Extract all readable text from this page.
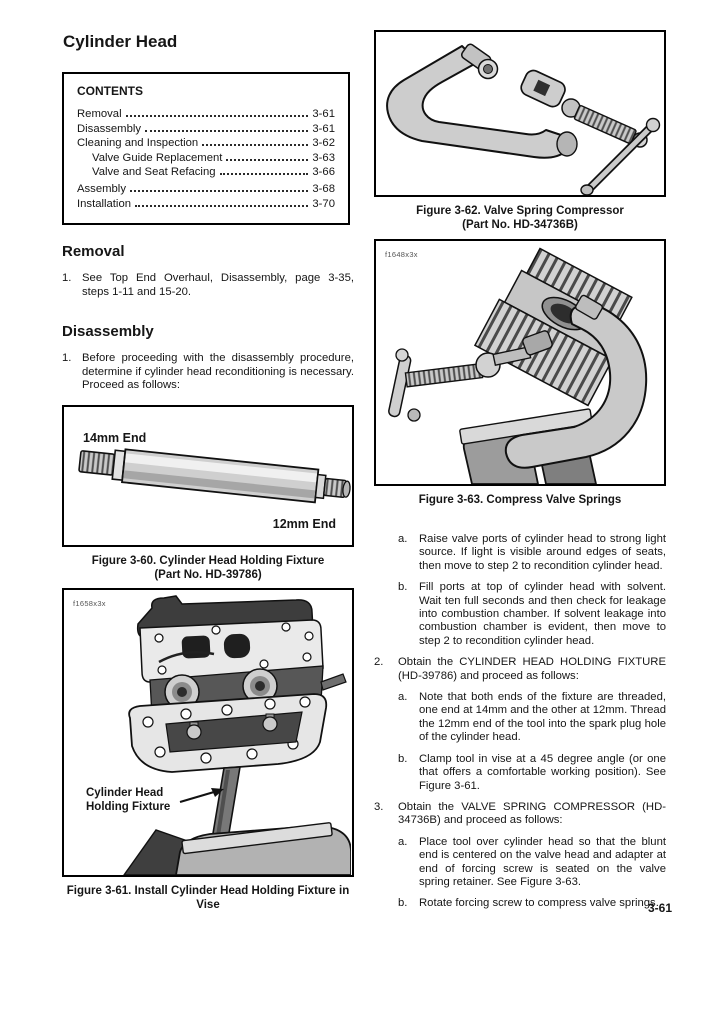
Cylinder Head
CONTENTS
Removal	3-61
Disassembly	3-61
Cleaning and Inspection	3-62
Valve Guide Replacement	3-63
Valve and Seat Refacing	3-66
Assembly	3-68
Installation	3-70
Removal
1. See Top End Overhaul, Disassembly, page 3-35, steps 1-11 and 15-20.
Disassembly
1. Before proceeding with the disassembly procedure, determine if cylinder head reconditioning is necessary. Proceed as follows:
14mm End
12mm End
Figure 3-60. Cylinder Head Holding Fixture
(Part No. HD-39786)
f1658x3x
Cylinder Head
Holding Fixture
Figure 3-61. Install Cylinder Head Holding Fixture in Vise
Figure 3-62. Valve Spring Compressor
(Part No. HD-34736B)
f1648x3x
Figure 3-63. Compress Valve Springs
a.	Raise valve ports of cylinder head to strong light source. If light is visible around edges of seats, then move to step 2 to recondition cylinder head.
b.	Fill ports at top of cylinder head with solvent. Wait ten full seconds and then check for leakage into combustion chamber. If solvent leakage into combustion chamber is evident, then move to step 2 to recondition cylinder head.
2.	Obtain the CYLINDER HEAD HOLDING FIXTURE (HD-39786) and proceed as follows:
a.	Note that both ends of the fixture are threaded, one end at 14mm and the other at 12mm. Thread the 12mm end of the tool into the spark plug hole of the cylinder head.
b.	Clamp tool in vise at a 45 degree angle (or one that offers a comfortable working position). See Figure 3-61.
3.	Obtain the VALVE SPRING COMPRESSOR (HD-34736B) and proceed as follows:
a.	Place tool over cylinder head so that the blunt end is centered on the valve head and adapter at end of forcing screw is seated on the valve spring retainer. See Figure 3-63.
b.	Rotate forcing screw to compress valve springs.
3-61
